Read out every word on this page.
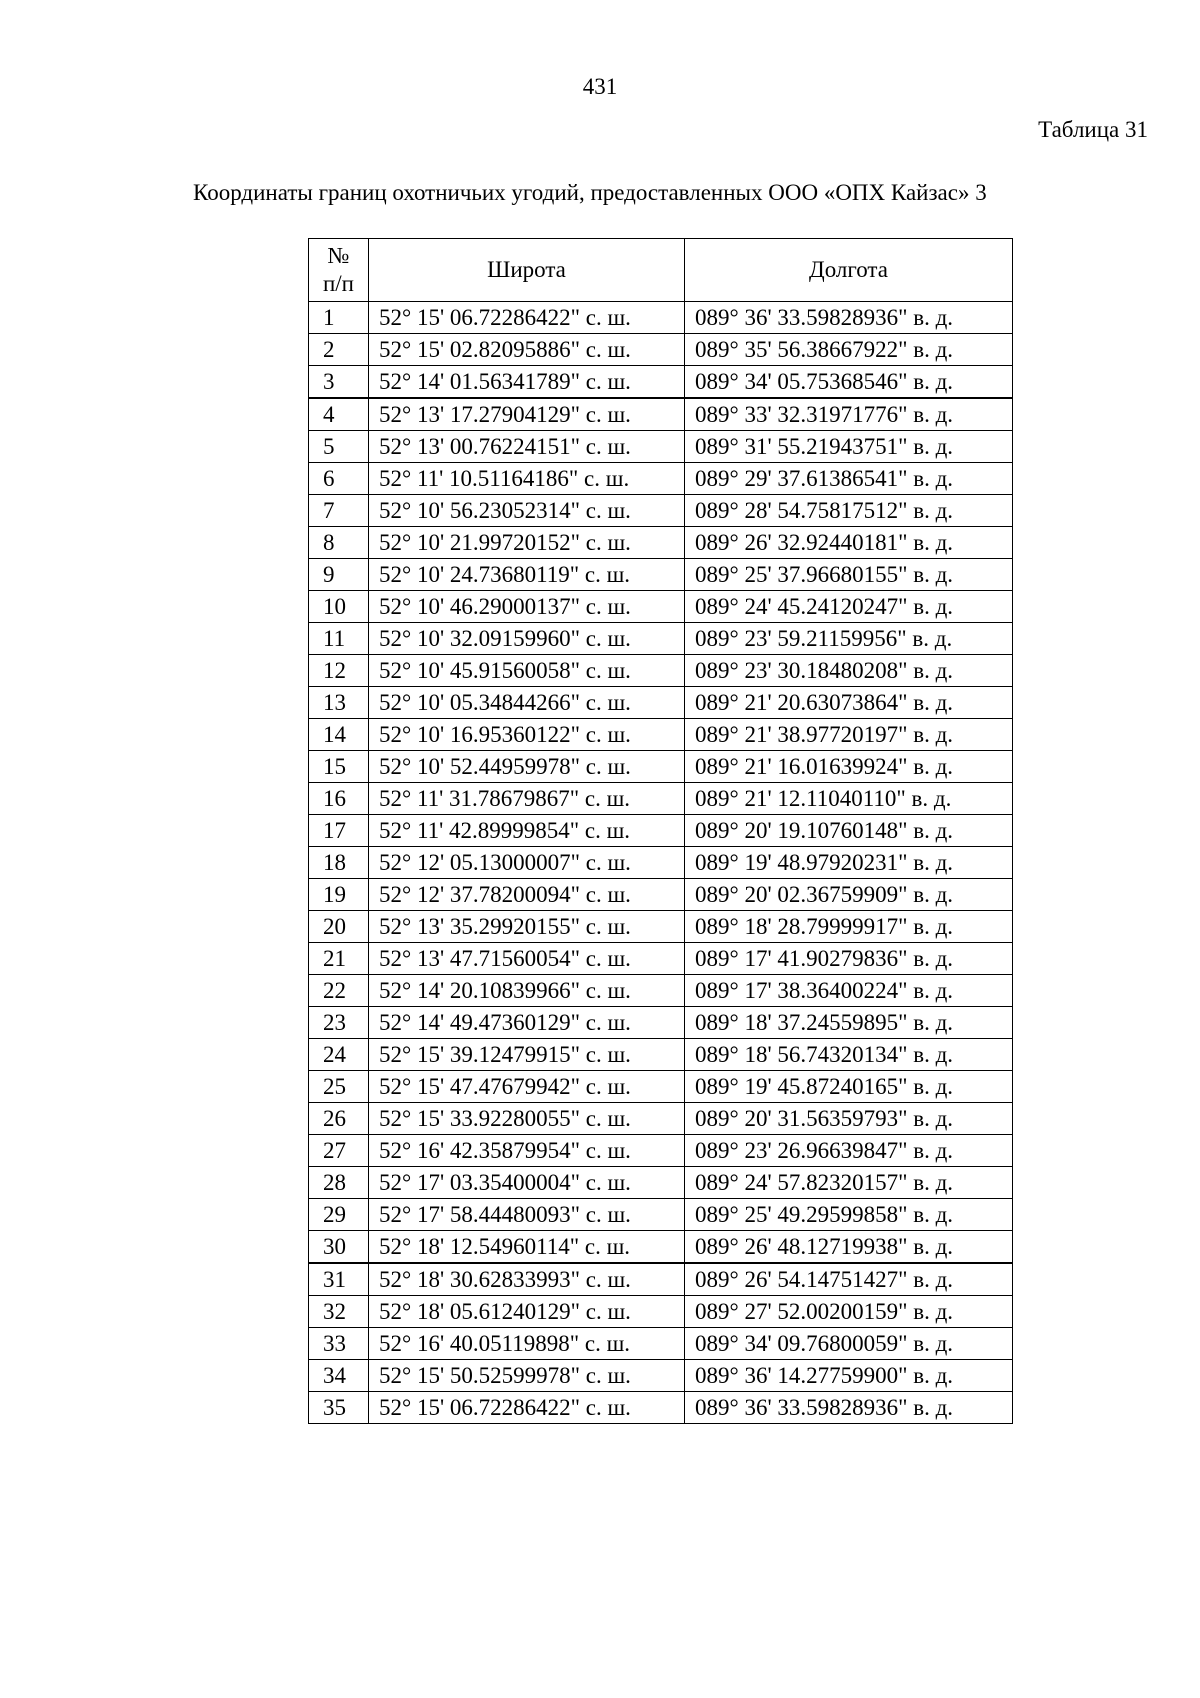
431
Таблица 31
Координаты границ охотничьих угодий, предоставленных ООО «ОПХ Кайзас» 3
№
п/п	Широта	Долгота
1	52° 15' 06.72286422" с. ш.	089° 36' 33.59828936" в. д.
2	52° 15' 02.82095886" с. ш.	089° 35' 56.38667922" в. д.
3	52° 14' 01.56341789" с. ш.	089° 34' 05.75368546" в. д.
4	52° 13' 17.27904129" с. ш.	089° 33' 32.31971776" в. д.
5	52° 13' 00.76224151" с. ш.	089° 31' 55.21943751" в. д.
6	52° 11' 10.51164186" с. ш.	089° 29' 37.61386541" в. д.
7	52° 10' 56.23052314" с. ш.	089° 28' 54.75817512" в. д.
8	52° 10' 21.99720152" с. ш.	089° 26' 32.92440181" в. д.
9	52° 10' 24.73680119" с. ш.	089° 25' 37.96680155" в. д.
10	52° 10' 46.29000137" с. ш.	089° 24' 45.24120247" в. д.
11	52° 10' 32.09159960" с. ш.	089° 23' 59.21159956" в. д.
12	52° 10' 45.91560058" с. ш.	089° 23' 30.18480208" в. д.
13	52° 10' 05.34844266" с. ш.	089° 21' 20.63073864" в. д.
14	52° 10' 16.95360122" с. ш.	089° 21' 38.97720197" в. д.
15	52° 10' 52.44959978" с. ш.	089° 21' 16.01639924" в. д.
16	52° 11' 31.78679867" с. ш.	089° 21' 12.11040110" в. д.
17	52° 11' 42.89999854" с. ш.	089° 20' 19.10760148" в. д.
18	52° 12' 05.13000007" с. ш.	089° 19' 48.97920231" в. д.
19	52° 12' 37.78200094" с. ш.	089° 20' 02.36759909" в. д.
20	52° 13' 35.29920155" с. ш.	089° 18' 28.79999917" в. д.
21	52° 13' 47.71560054" с. ш.	089° 17' 41.90279836" в. д.
22	52° 14' 20.10839966" с. ш.	089° 17' 38.36400224" в. д.
23	52° 14' 49.47360129" с. ш.	089° 18' 37.24559895" в. д.
24	52° 15' 39.12479915" с. ш.	089° 18' 56.74320134" в. д.
25	52° 15' 47.47679942" с. ш.	089° 19' 45.87240165" в. д.
26	52° 15' 33.92280055" с. ш.	089° 20' 31.56359793" в. д.
27	52° 16' 42.35879954" с. ш.	089° 23' 26.96639847" в. д.
28	52° 17' 03.35400004" с. ш.	089° 24' 57.82320157" в. д.
29	52° 17' 58.44480093" с. ш.	089° 25' 49.29599858" в. д.
30	52° 18' 12.54960114" с. ш.	089° 26' 48.12719938" в. д.
31	52° 18' 30.62833993" с. ш.	089° 26' 54.14751427" в. д.
32	52° 18' 05.61240129" с. ш.	089° 27' 52.00200159" в. д.
33	52° 16' 40.05119898" с. ш.	089° 34' 09.76800059" в. д.
34	52° 15' 50.52599978" с. ш.	089° 36' 14.27759900" в. д.
35	52° 15' 06.72286422" с. ш.	089° 36' 33.59828936" в. д.
